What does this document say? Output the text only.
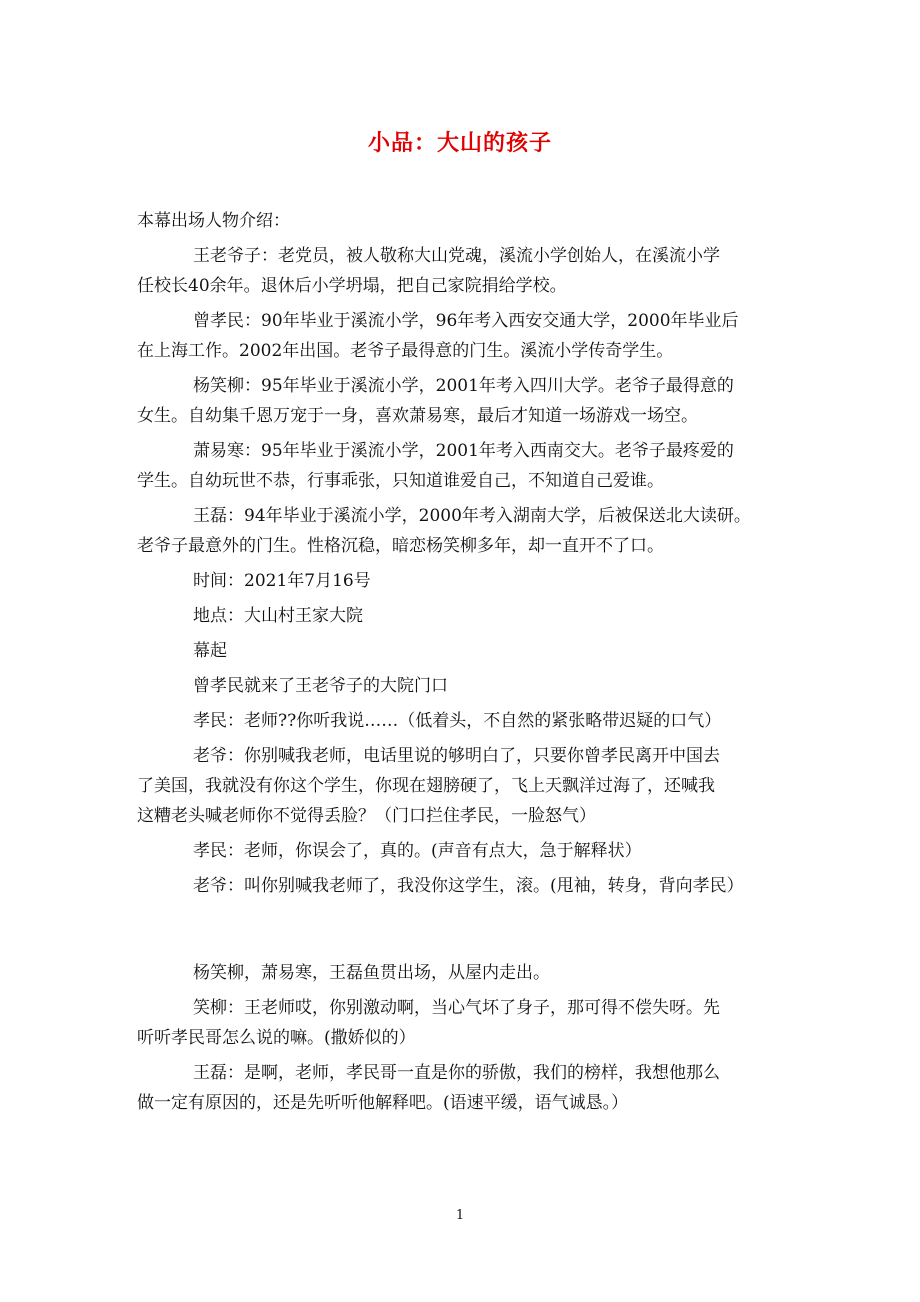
小品：大山的孩子

本幕出场人物介绍：

王老爷子：老党员，被人敬称大山党魂，溪流小学创始人，在溪流小学
任校长40余年。退休后小学坍塌，把自己家院捐给学校。

曾孝民：90年毕业于溪流小学，96年考入西安交通大学，2000年毕业后
在上海工作。2002年出国。老爷子最得意的门生。溪流小学传奇学生。

杨笑柳：95年毕业于溪流小学，2001年考入四川大学。老爷子最得意的
女生。自幼集千恩万宠于一身，喜欢萧易寒，最后才知道一场游戏一场空。

萧易寒：95年毕业于溪流小学，2001年考入西南交大。老爷子最疼爱的
学生。自幼玩世不恭，行事乖张，只知道谁爱自己，不知道自己爱谁。

王磊：94年毕业于溪流小学，2000年考入湖南大学，后被保送北大读研。
老爷子最意外的门生。性格沉稳，暗恋杨笑柳多年，却一直开不了口。

时间：2021年7月16号

地点：大山村王家大院

幕起

曾孝民就来了王老爷子的大院门口

孝民：老师??你听我说……（低着头，不自然的紧张略带迟疑的口气）

老爷：你别喊我老师，电话里说的够明白了，只要你曾孝民离开中国去
了美国，我就没有你这个学生，你现在翅膀硬了，飞上天飘洋过海了，还喊我
这糟老头喊老师你不觉得丢脸？（门口拦住孝民，一脸怒气）

孝民：老师，你误会了，真的。(声音有点大，急于解释状）

老爷：叫你别喊我老师了，我没你这学生，滚。(甩袖，转身，背向孝民）

杨笑柳，萧易寒，王磊鱼贯出场，从屋内走出。

笑柳：王老师哎，你别激动啊，当心气坏了身子，那可得不偿失呀。先
听听孝民哥怎么说的嘛。(撒娇似的）

王磊：是啊，老师，孝民哥一直是你的骄傲，我们的榜样，我想他那么
做一定有原因的，还是先听听他解释吧。(语速平缓，语气诚恳。）

1
